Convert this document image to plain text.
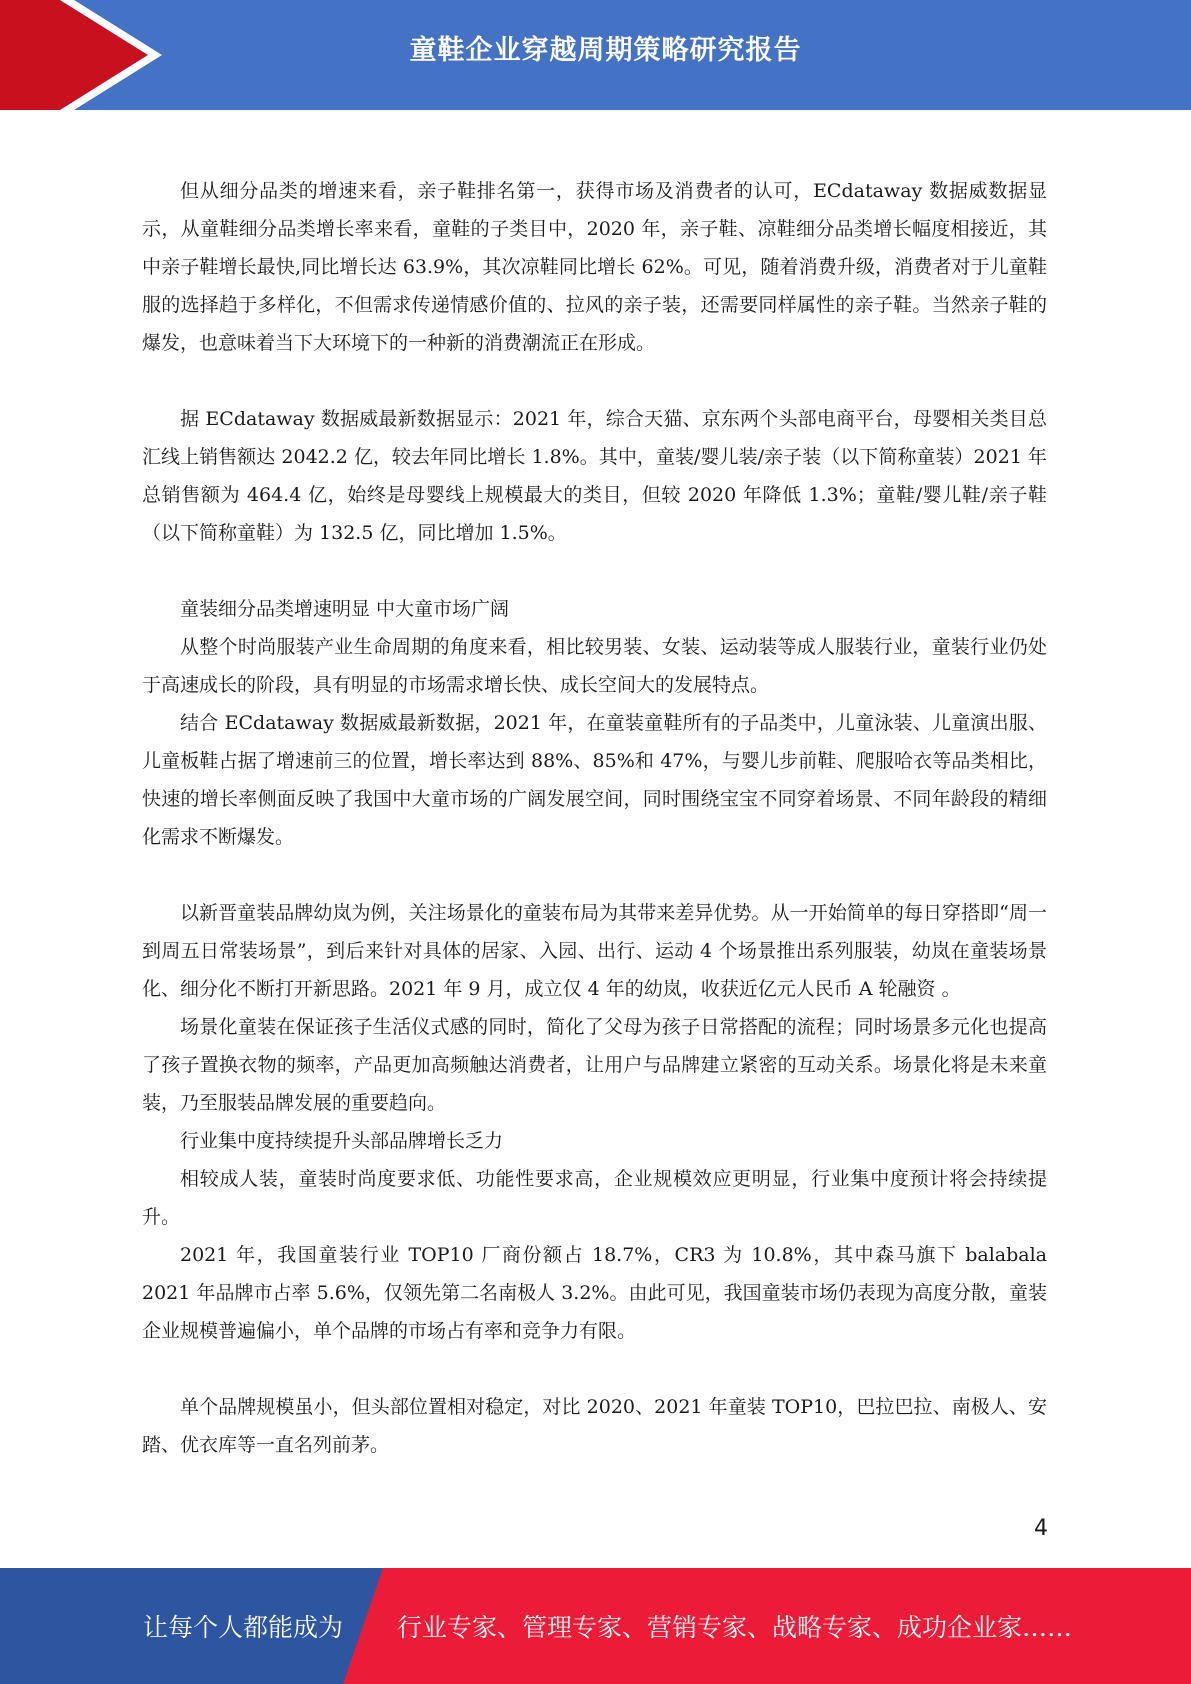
童鞋企业穿越周期策略研究报告

但从细分品类的增速来看，亲子鞋排名第一，获得市场及消费者的认可，ECdataway 数据威数据显示，从童鞋细分品类增长率来看，童鞋的子类目中，2020 年，亲子鞋、凉鞋细分品类增长幅度相接近，其中亲子鞋增长最快,同比增长达 63.9%，其次凉鞋同比增长 62%。可见，随着消费升级，消费者对于儿童鞋服的选择趋于多样化，不但需求传递情感价值的、拉风的亲子装，还需要同样属性的亲子鞋。当然亲子鞋的爆发，也意味着当下大环境下的一种新的消费潮流正在形成。

据 ECdataway 数据威最新数据显示：2021 年，综合天猫、京东两个头部电商平台，母婴相关类目总汇线上销售额达 2042.2 亿，较去年同比增长 1.8%。其中，童装/婴儿装/亲子装（以下简称童装）2021 年总销售额为 464.4 亿，始终是母婴线上规模最大的类目，但较 2020 年降低 1.3%；童鞋/婴儿鞋/亲子鞋（以下简称童鞋）为 132.5 亿，同比增加 1.5%。

童装细分品类增速明显 中大童市场广阔

从整个时尚服装产业生命周期的角度来看，相比较男装、女装、运动装等成人服装行业，童装行业仍处于高速成长的阶段，具有明显的市场需求增长快、成长空间大的发展特点。

结合 ECdataway 数据威最新数据，2021 年，在童装童鞋所有的子品类中，儿童泳装、儿童演出服、儿童板鞋占据了增速前三的位置，增长率达到 88%、85%和 47%，与婴儿步前鞋、爬服哈衣等品类相比，快速的增长率侧面反映了我国中大童市场的广阔发展空间，同时围绕宝宝不同穿着场景、不同年龄段的精细化需求不断爆发。

以新晋童装品牌幼岚为例，关注场景化的童装布局为其带来差异优势。从一开始简单的每日穿搭即“周一到周五日常装场景”，到后来针对具体的居家、入园、出行、运动 4 个场景推出系列服装，幼岚在童装场景化、细分化不断打开新思路。2021 年 9 月，成立仅 4 年的幼岚，收获近亿元人民币 A 轮融资 。

场景化童装在保证孩子生活仪式感的同时，简化了父母为孩子日常搭配的流程；同时场景多元化也提高了孩子置换衣物的频率，产品更加高频触达消费者，让用户与品牌建立紧密的互动关系。场景化将是未来童装，乃至服装品牌发展的重要趋向。

行业集中度持续提升头部品牌增长乏力

相较成人装，童装时尚度要求低、功能性要求高，企业规模效应更明显，行业集中度预计将会持续提升。

2021 年，我国童装行业 TOP10 厂商份额占 18.7%，CR3 为 10.8%，其中森马旗下 balabala 2021 年品牌市占率 5.6%，仅领先第二名南极人 3.2%。由此可见，我国童装市场仍表现为高度分散，童装企业规模普遍偏小，单个品牌的市场占有率和竞争力有限。

单个品牌规模虽小，但头部位置相对稳定，对比 2020、2021 年童装 TOP10，巴拉巴拉、南极人、安踏、优衣库等一直名列前茅。

4
让每个人都能成为 行业专家、管理专家、营销专家、战略专家、成功企业家……
